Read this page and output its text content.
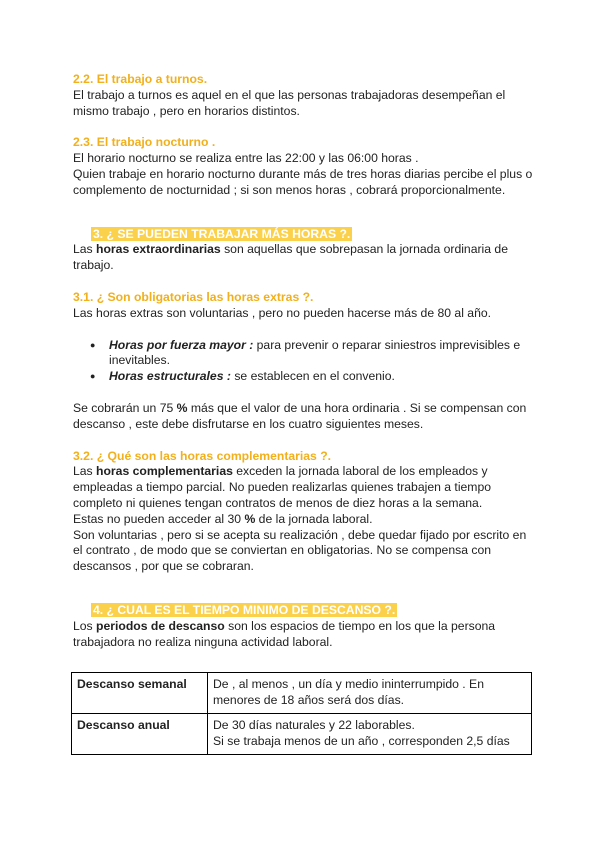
2.2. El trabajo a turnos.

El trabajo a turnos es aquel en el que las personas trabajadoras desempeñan el mismo trabajo , pero en horarios distintos.

2.3. El trabajo nocturno .

El horario nocturno se realiza entre las 22:00 y las 06:00 horas .

Quien trabaje en horario nocturno durante más de tres horas diarias percibe el plus o complemento de nocturnidad ; si son menos horas , cobrará proporcionalmente.

3. ¿ SE PUEDEN TRABAJAR MÁS HORAS ?.

Las horas extraordinarias son aquellas que sobrepasan la jornada ordinaria de trabajo.

3.1. ¿ Son obligatorias las horas extras ?.

Las horas extras son voluntarias , pero no pueden hacerse más de 80 al año.

● Horas por fuerza mayor : para prevenir o reparar siniestros imprevisibles e inevitables.
● Horas estructurales : se establecen en el convenio.

Se cobrarán un 75 % más que el valor de una hora ordinaria . Si se compensan con descanso , este debe disfrutarse en los cuatro siguientes meses.

3.2. ¿ Qué son las horas complementarias ?.

Las horas complementarias exceden la jornada laboral de los empleados y empleadas a tiempo parcial. No pueden realizarlas quienes trabajen a tiempo completo ni quienes tengan contratos de menos de diez horas a la semana.

Estas no pueden acceder al 30 % de la jornada laboral.

Son voluntarias , pero si se acepta su realización , debe quedar fijado por escrito en el contrato , de modo que se conviertan en obligatorias. No se compensa con descansos , por que se cobraran.

4. ¿ CUAL ES EL TIEMPO MINIMO DE DESCANSO ?.

Los periodos de descanso son los espacios de tiempo en los que la persona trabajadora no realiza ninguna actividad laboral.

Descanso semanal	De , al menos , un día y medio ininterrumpido . En menores de 18 años será dos días.

Descanso anual	De 30 días naturales y 22 laborables.
Si se trabaja menos de un año , corresponden 2,5 días
